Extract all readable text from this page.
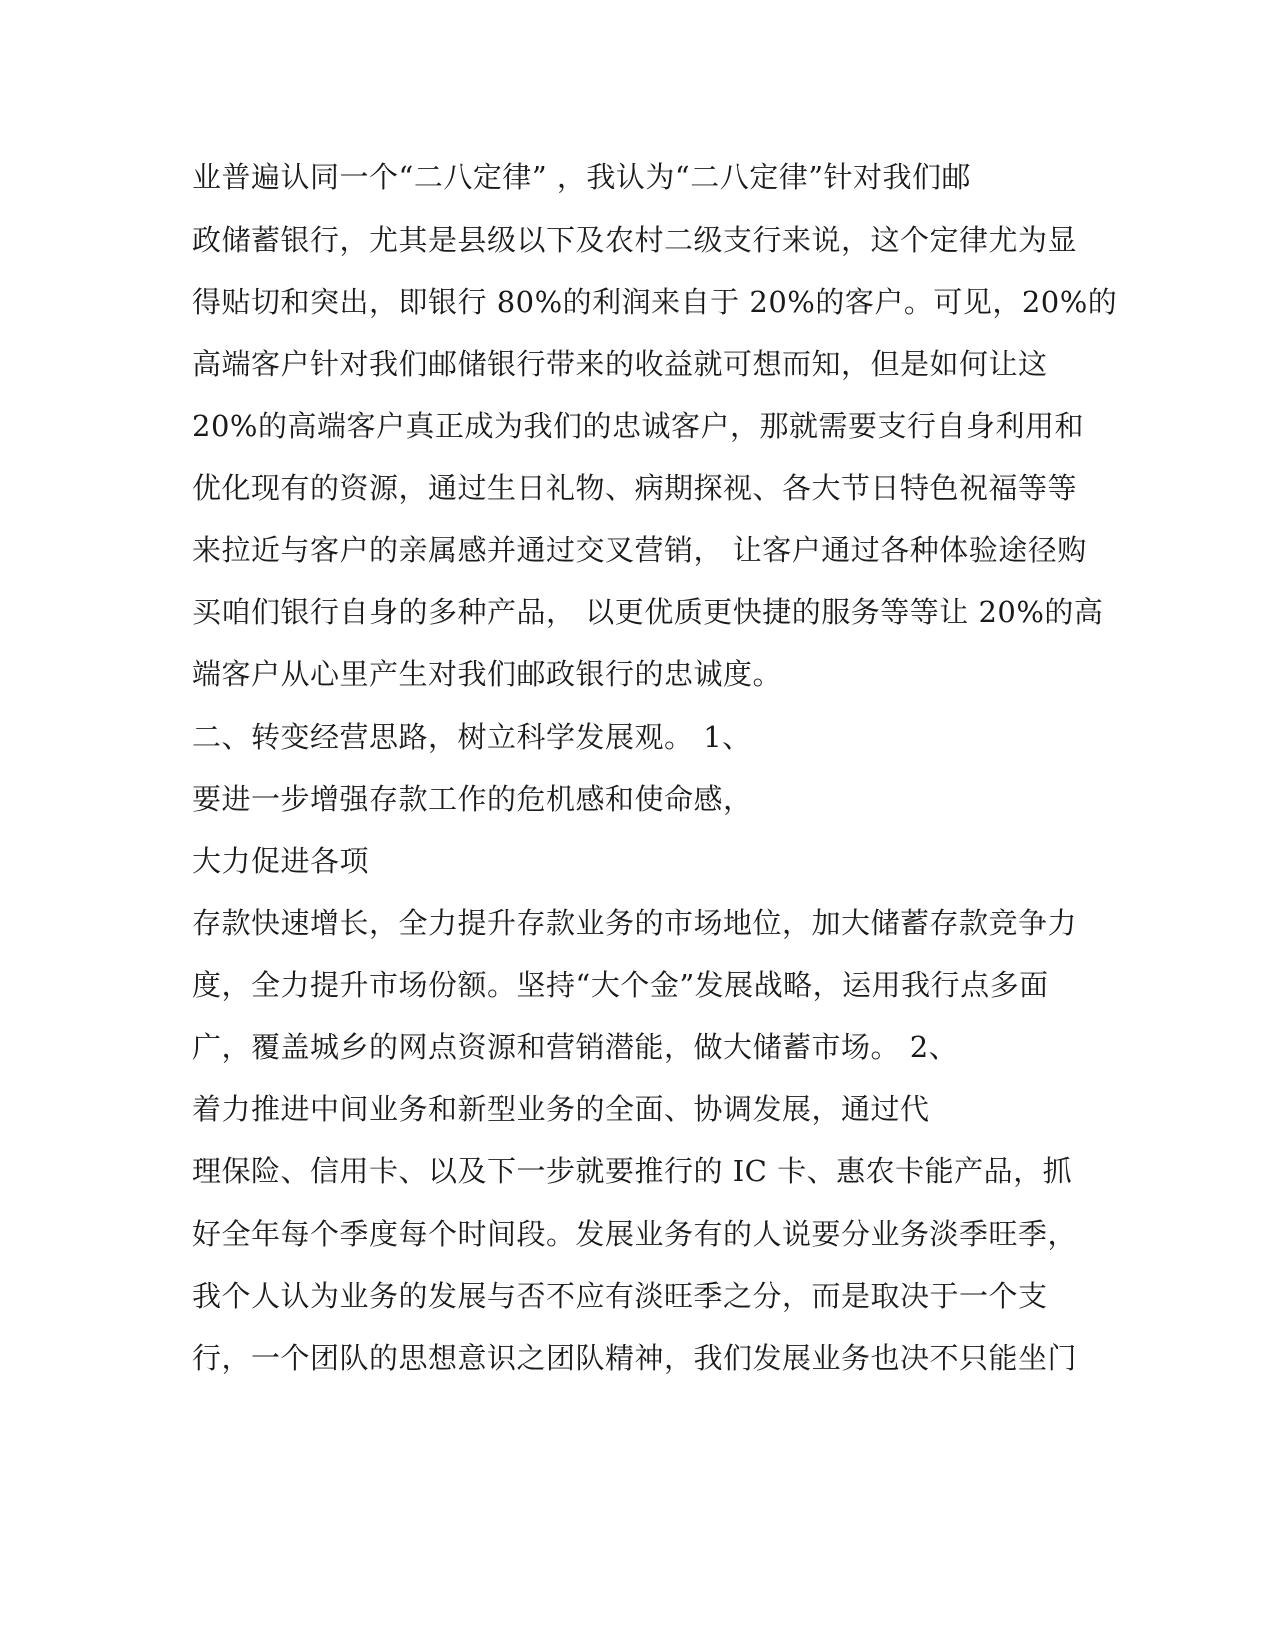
业普遍认同一个“二八定律” ，我认为“二八定律”针对我们邮
政储蓄银行，尤其是县级以下及农村二级支行来说，这个定律尤为显
得贴切和突出，即银行 80%的利润来自于 20%的客户。可见，20%的
高端客户针对我们邮储银行带来的收益就可想而知，但是如何让这
20%的高端客户真正成为我们的忠诚客户，那就需要支行自身利用和
优化现有的资源，通过生日礼物、病期探视、各大节日特色祝福等等
来拉近与客户的亲属感并通过交叉营销， 让客户通过各种体验途径购
买咱们银行自身的多种产品， 以更优质更快捷的服务等等让 20%的高
端客户从心里产生对我们邮政银行的忠诚度。
二、转变经营思路，树立科学发展观。 1、
要进一步增强存款工作的危机感和使命感，
大力促进各项
存款快速增长，全力提升存款业务的市场地位，加大储蓄存款竞争力
度，全力提升市场份额。坚持“大个金”发展战略，运用我行点多面
广，覆盖城乡的网点资源和营销潜能，做大储蓄市场。 2、
着力推进中间业务和新型业务的全面、协调发展，通过代
理保险、信用卡、以及下一步就要推行的 IC 卡、惠农卡能产品，抓
好全年每个季度每个时间段。发展业务有的人说要分业务淡季旺季，
我个人认为业务的发展与否不应有淡旺季之分，而是取决于一个支
行，一个团队的思想意识之团队精神，我们发展业务也决不只能坐门
